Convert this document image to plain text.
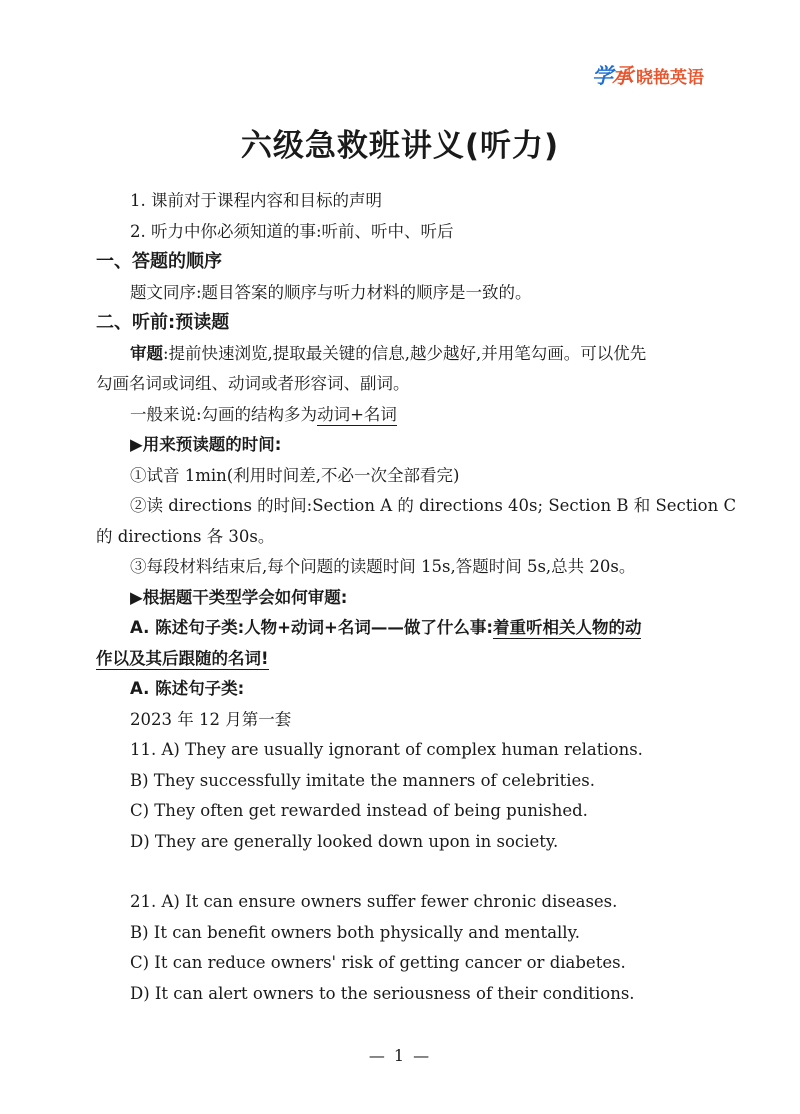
学承 晓艳英语
六级急救班讲义(听力)
1. 课前对于课程内容和目标的声明
2. 听力中你必须知道的事:听前、听中、听后
一、答题的顺序
题文同序:题目答案的顺序与听力材料的顺序是一致的。
二、听前:预读题
审题:提前快速浏览,提取最关键的信息,越少越好,并用笔勾画。可以优先
勾画名词或词组、动词或者形容词、副词。
一般来说:勾画的结构多为动词+名词
▶用来预读题的时间:
①试音 1min(利用时间差,不必一次全部看完)
②读 directions 的时间:Section A 的 directions 40s; Section B 和 Section C
的 directions 各 30s。
③每段材料结束后,每个问题的读题时间 15s,答题时间 5s,总共 20s。
▶根据题干类型学会如何审题:
A. 陈述句子类:人物+动词+名词——做了什么事:着重听相关人物的动
作以及其后跟随的名词!
A. 陈述句子类:
2023 年 12 月第一套
11. A) They are usually ignorant of complex human relations.
B) They successfully imitate the manners of celebrities.
C) They often get rewarded instead of being punished.
D) They are generally looked down upon in society.
21. A) It can ensure owners suffer fewer chronic diseases.
B) It can benefit owners both physically and mentally.
C) It can reduce owners' risk of getting cancer or diabetes.
D) It can alert owners to the seriousness of their conditions.
— 1 —
